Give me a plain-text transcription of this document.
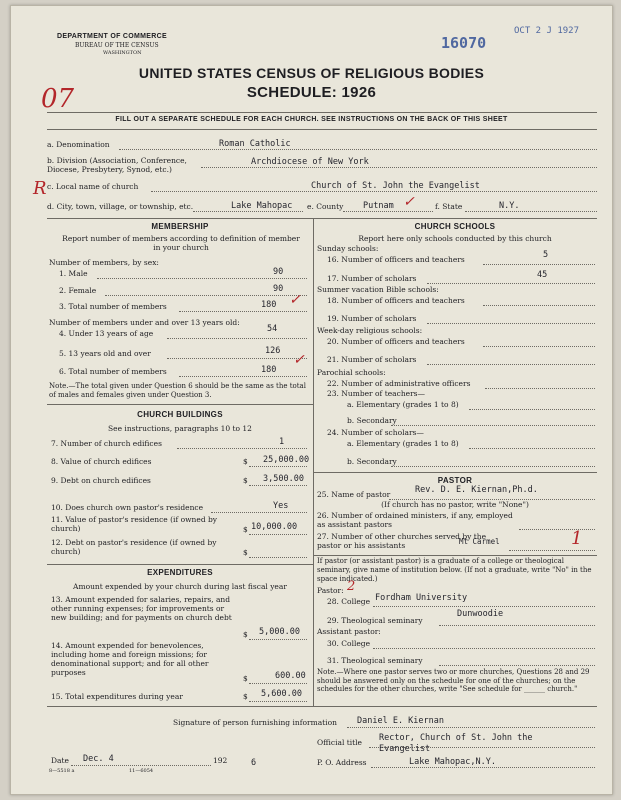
DEPARTMENT OF COMMERCE
BUREAU OF THE CENSUS
WASHINGTON
16070
OCT 2 J 1927
UNITED STATES CENSUS OF RELIGIOUS BODIES
SCHEDULE: 1926
07
FILL OUT A SEPARATE SCHEDULE FOR EACH CHURCH. SEE INSTRUCTIONS ON THE BACK OF THIS SHEET
a. Denomination	Roman Catholic
b. Division (Association, Conference, Diocese, Presbytery, Synod, etc.)
Archdiocese of New York
R c. Local name of church	Church of St. John the Evangelist
d. City, town, village, or township, etc.	Lake Mahopac e. County Putnam ✓	f. State	N.Y.
MEMBERSHIP
Report number of members according to definition of member in your church
Number of members, by sex:
1. Male	90
2. Female	90
3. Total number of members	180 ✓
Number of members under and over 13 years old:
4. Under 13 years of age	54
5. 13 years old and over	126
6. Total number of members	180
✓
Note.—The total given under Question 6 should be the same as the total of males and females given under Question 3.
CHURCH BUILDINGS
See instructions, paragraphs 10 to 12
7. Number of church edifices	1
8. Value of church edifices	$ 25,000.00
9. Debt on church edifices	$ 3,500.00
10. Does church own pastor's residence	Yes
11. Value of pastor's residence (if owned by church)	$ 10,000.00
12. Debt on pastor's residence (if owned by church)	$
EXPENDITURES
Amount expended by your church during last fiscal year
13. Amount expended for salaries, repairs, and other running expenses; for improvements or new building; and for payments on church debt
$ 5,000.00
14. Amount expended for benevolences, including home and foreign missions; for denominational support; and for all other purposes
$	600.00
15. Total expenditures during year	$ 5,600.00
CHURCH SCHOOLS
Report here only schools conducted by this church
Sunday schools:
16. Number of officers and teachers	5
17. Number of scholars	45
Summer vacation Bible schools:
18. Number of officers and teachers
19. Number of scholars
Week-day religious schools:
20. Number of officers and teachers
21. Number of scholars
Parochial schools:
22. Number of administrative officers
23. Number of teachers—
a. Elementary (grades 1 to 8)
b. Secondary
24. Number of scholars—
a. Elementary (grades 1 to 8)
b. Secondary
PASTOR
25. Name of pastor	Rev. D. E. Kiernan,Ph.d.
(If church has no pastor, write "None")
26. Number of ordained ministers, if any, employed as assistant pastors
27. Number of other churches served by the pastor or his assistants	Mt Carmel	1
If pastor (or assistant pastor) is a graduate of a college or theological seminary, give name of institution below. (If not a graduate, write "No" in the space indicated.)
Pastor: 2
28. College Fordham University
29. Theological seminary
Dunwoodie
Assistant pastor:
30. College
31. Theological seminary
Note.—Where one pastor serves two or more churches, Questions 28 and 29 should be answered only on the schedule for one of the churches; on the schedules for the other churches, write "See schedule for ______ church."
Signature of person furnishing information Daniel E. Kiernan
Official title Rector, Church of St. John the Evangelist
Date Dec. 4	192	6
8—5518 a	11—6054
P. O. Address	Lake Mahopac,N.Y.
